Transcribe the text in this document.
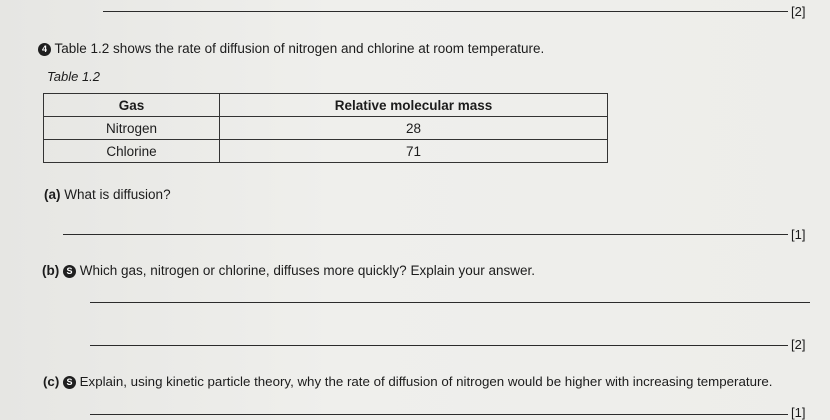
[2]
4 Table 1.2 shows the rate of diffusion of nitrogen and chlorine at room temperature.
Table 1.2
Gas	Relative molecular mass
Nitrogen	28
Chlorine	71
(a) What is diffusion?
[1]
(b) S Which gas, nitrogen or chlorine, diffuses more quickly? Explain your answer.
[2]
(c) S Explain, using kinetic particle theory, why the rate of diffusion of nitrogen would be higher with increasing temperature.
[1]
